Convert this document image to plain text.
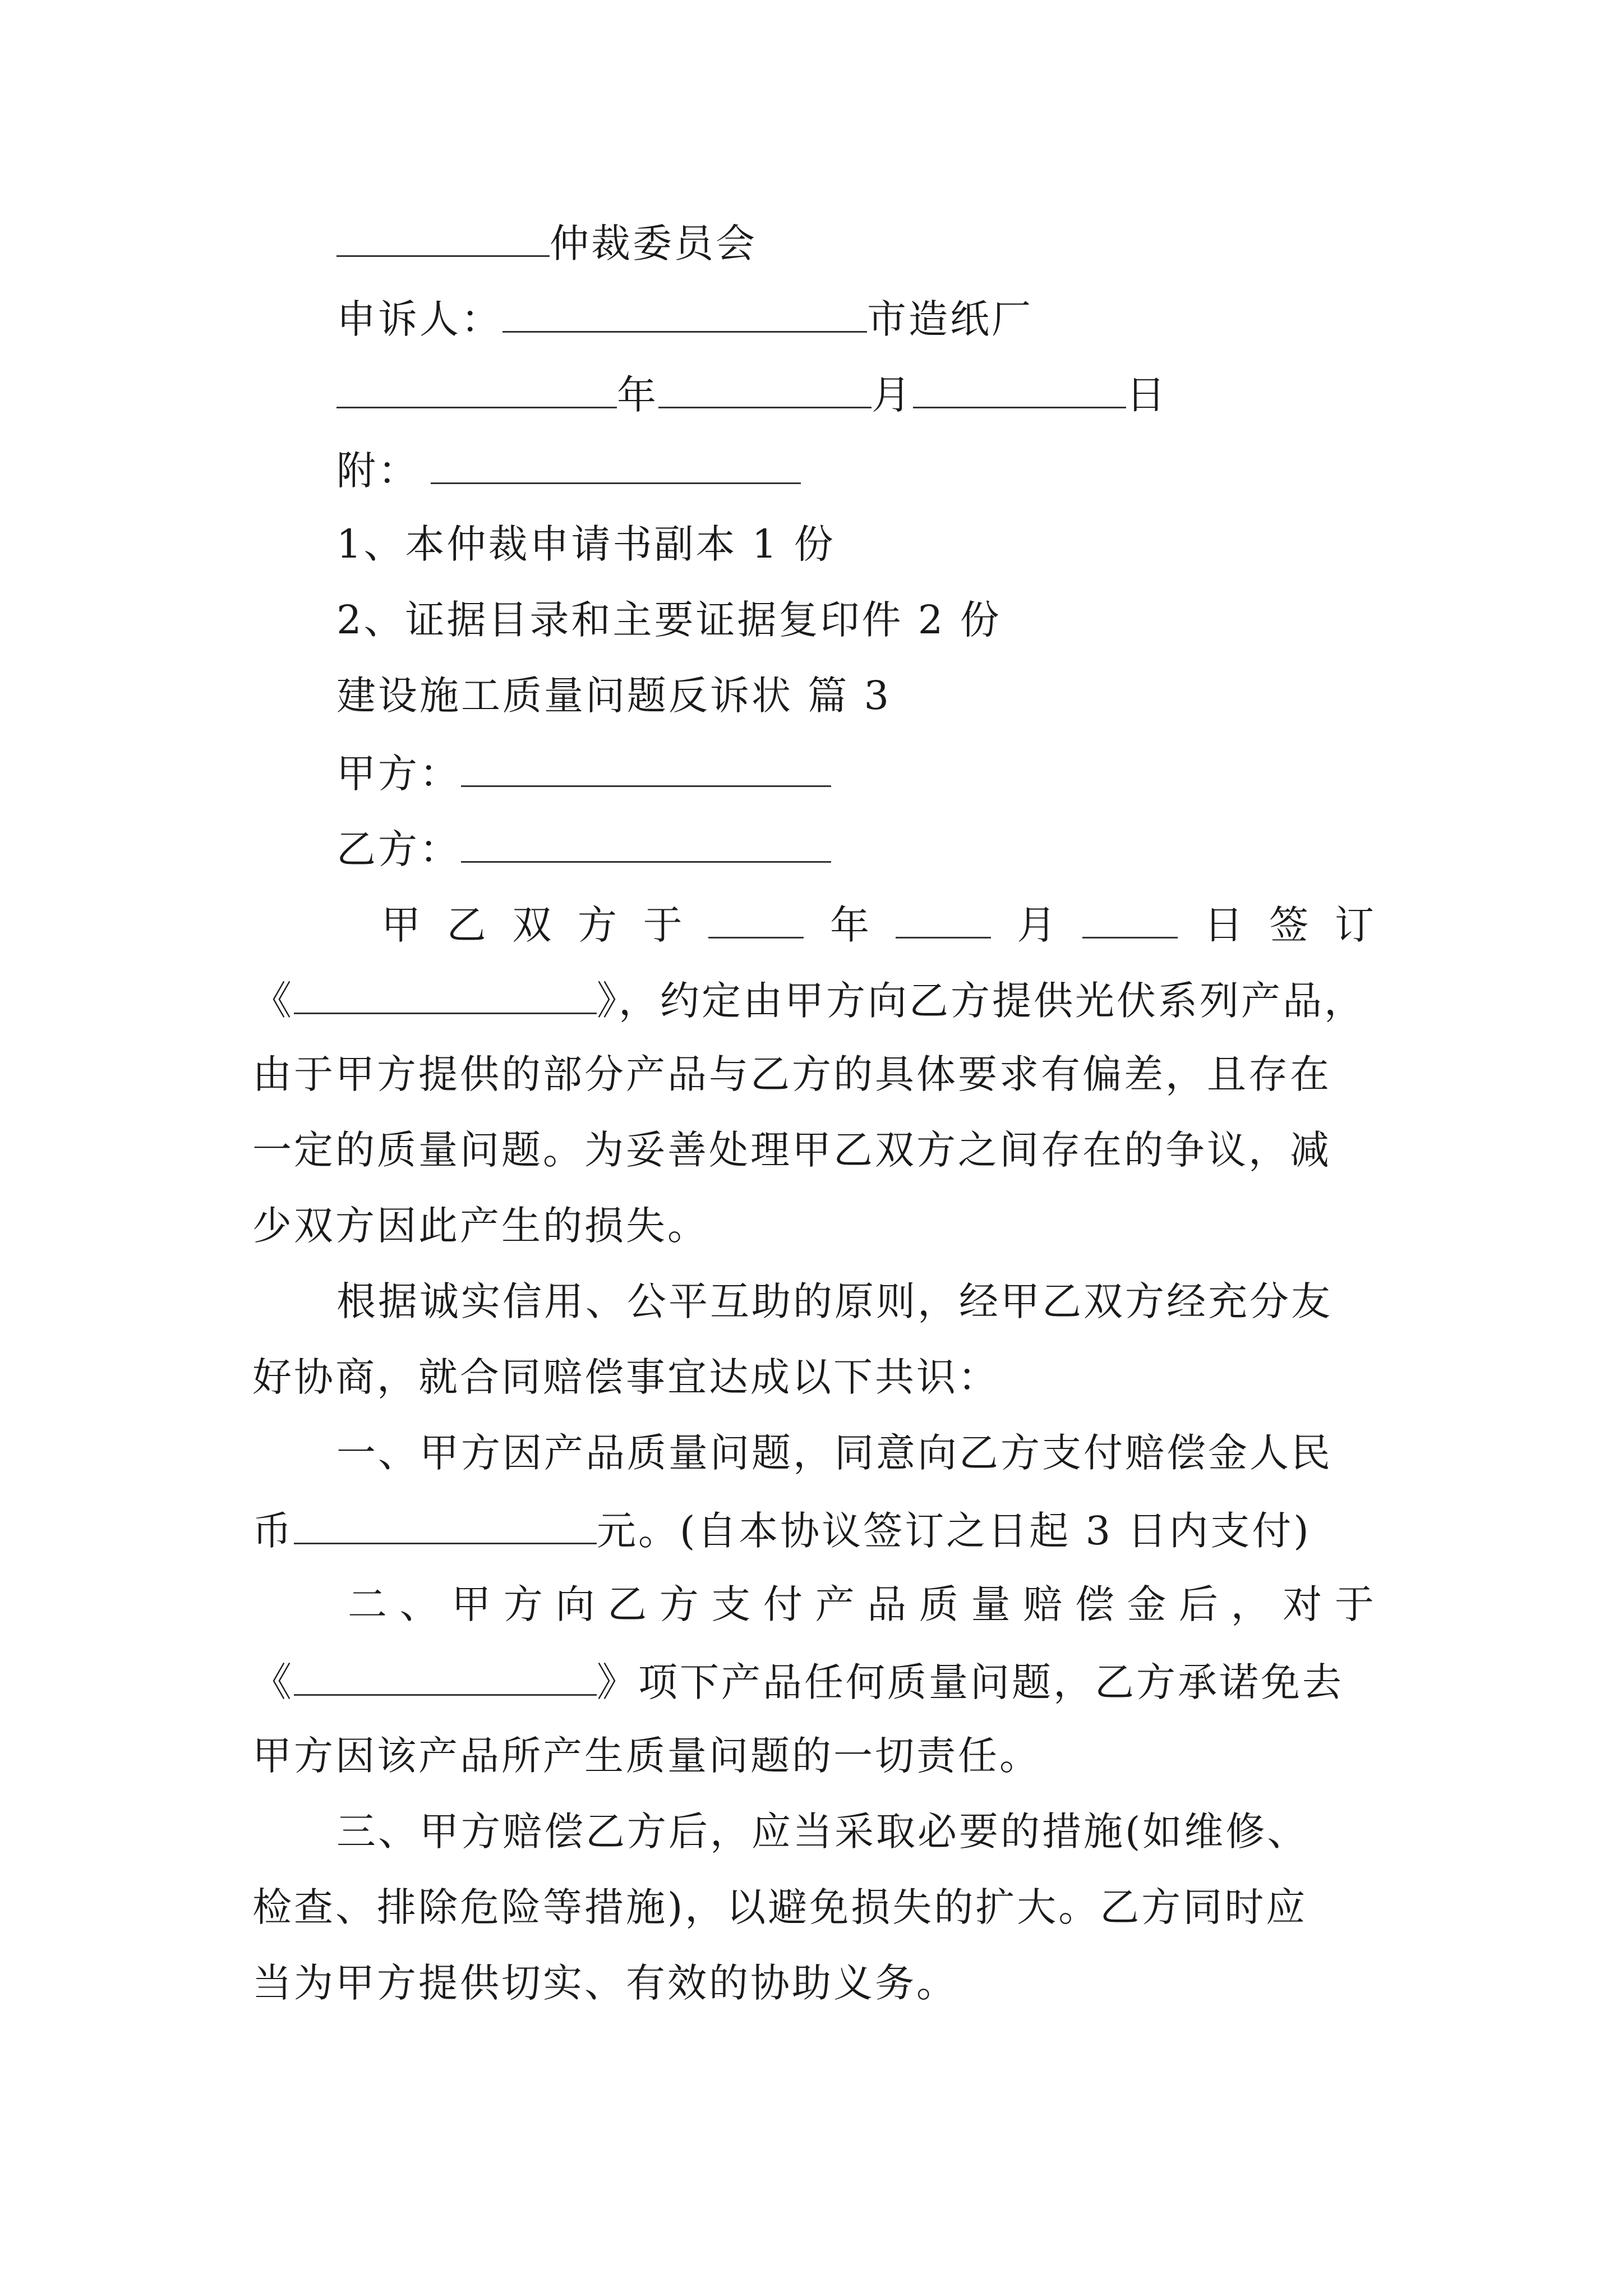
仲裁委员会
申诉人：	市造纸厂
年	月	日
附：
1、本仲裁申请书副本 1 份
2、证据目录和主要证据复印件 2 份
建设施工质量问题反诉状 篇 3
甲方：
乙方：
甲 乙 双 方 于	年	月	日 签 订
《	》，约定由甲方向乙方提供光伏系列产品，
由于甲方提供的部分产品与乙方的具体要求有偏差，且存在
一定的质量问题。为妥善处理甲乙双方之间存在的争议，减
少双方因此产生的损失。
根据诚实信用、公平互助的原则，经甲乙双方经充分友
好协商，就合同赔偿事宜达成以下共识：
一、甲方因产品质量问题，同意向乙方支付赔偿金人民
币	元。(自本协议签订之日起 3 日内支付)
二 、 甲 方 向 乙 方 支 付 产 品 质 量 赔 偿 金 后 ， 对 于
《	》项下产品任何质量问题，乙方承诺免去
甲方因该产品所产生质量问题的一切责任。
三、甲方赔偿乙方后，应当采取必要的措施(如维修、
检查、排除危险等措施)，以避免损失的扩大。乙方同时应
当为甲方提供切实、有效的协助义务。
